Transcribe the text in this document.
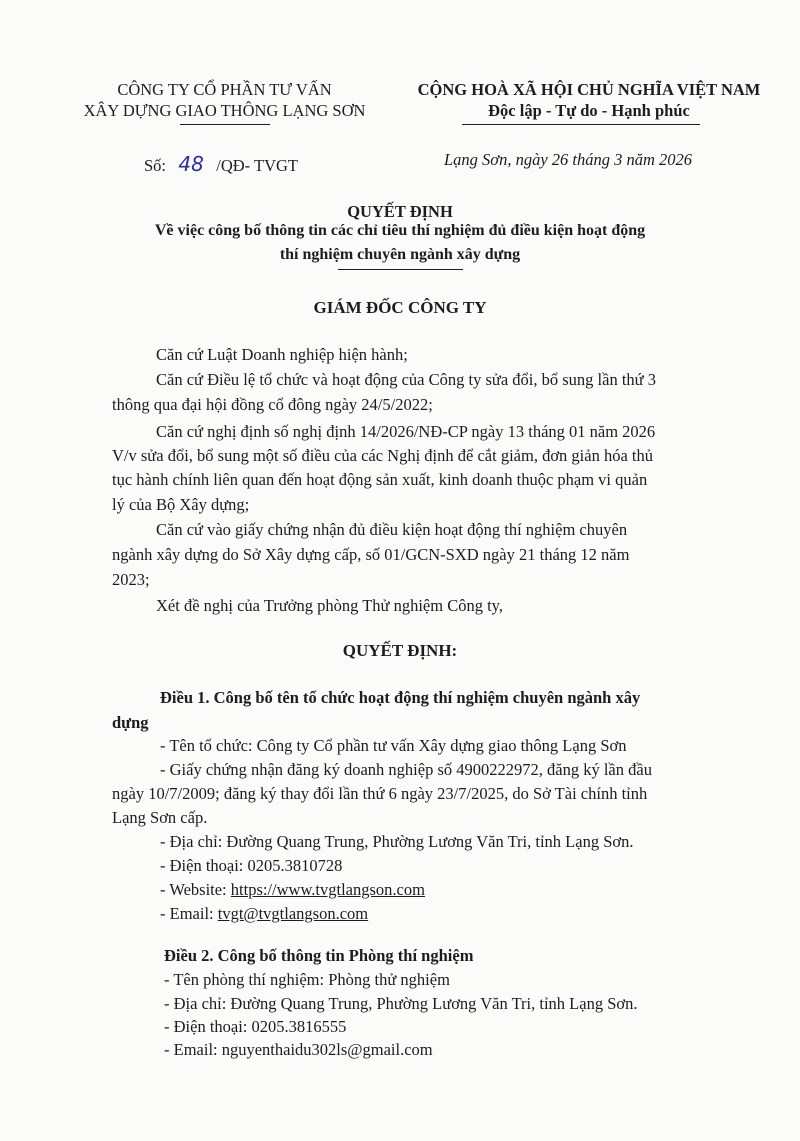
CÔNG TY CỔ PHẦN TƯ VẤN
XÂY DỰNG GIAO THÔNG LẠNG SƠN
CỘNG HOÀ XÃ HỘI CHỦ NGHĨA VIỆT NAM
Độc lập - Tự do - Hạnh phúc
Số: 48 /QĐ- TVGT	Lạng Sơn, ngày 26 tháng 3 năm 2026
QUYẾT ĐỊNH
Về việc công bố thông tin các chỉ tiêu thí nghiệm đủ điều kiện hoạt động
thí nghiệm chuyên ngành xây dựng
GIÁM ĐỐC CÔNG TY
Căn cứ Luật Doanh nghiệp hiện hành;
Căn cứ Điều lệ tổ chức và hoạt động của Công ty sửa đổi, bổ sung lần thứ 3
thông qua đại hội đồng cổ đông ngày 24/5/2022;
Căn cứ nghị định số nghị định 14/2026/NĐ-CP ngày 13 tháng 01 năm 2026
V/v sửa đổi, bổ sung một số điều của các Nghị định để cắt giảm, đơn giản hóa thủ
tục hành chính liên quan đến hoạt động sản xuất, kinh doanh thuộc phạm vi quản
lý của Bộ Xây dựng;
Căn cứ vào giấy chứng nhận đủ điều kiện hoạt động thí nghiệm chuyên
ngành xây dựng do Sở Xây dựng cấp, số 01/GCN-SXD ngày 21 tháng 12 năm
2023;
Xét đề nghị của Trưởng phòng Thử nghiệm Công ty,
QUYẾT ĐỊNH:
Điều 1. Công bố tên tổ chức hoạt động thí nghiệm chuyên ngành xây
dựng
- Tên tổ chức: Công ty Cổ phần tư vấn Xây dựng giao thông Lạng Sơn
- Giấy chứng nhận đăng ký doanh nghiệp số 4900222972, đăng ký lần đầu
ngày 10/7/2009; đăng ký thay đổi lần thứ 6 ngày 23/7/2025, do Sở Tài chính tỉnh
Lạng Sơn cấp.
- Địa chỉ: Đường Quang Trung, Phường Lương Văn Tri, tỉnh Lạng Sơn.
- Điện thoại: 0205.3810728
- Website: https://www.tvgtlangson.com
- Email: tvgt@tvgtlangson.com
Điều 2. Công bố thông tin Phòng thí nghiệm
- Tên phòng thí nghiệm: Phòng thử nghiệm
- Địa chỉ: Đường Quang Trung, Phường Lương Văn Tri, tỉnh Lạng Sơn.
- Điện thoại: 0205.3816555
- Email: nguyenthaidu302ls@gmail.com
